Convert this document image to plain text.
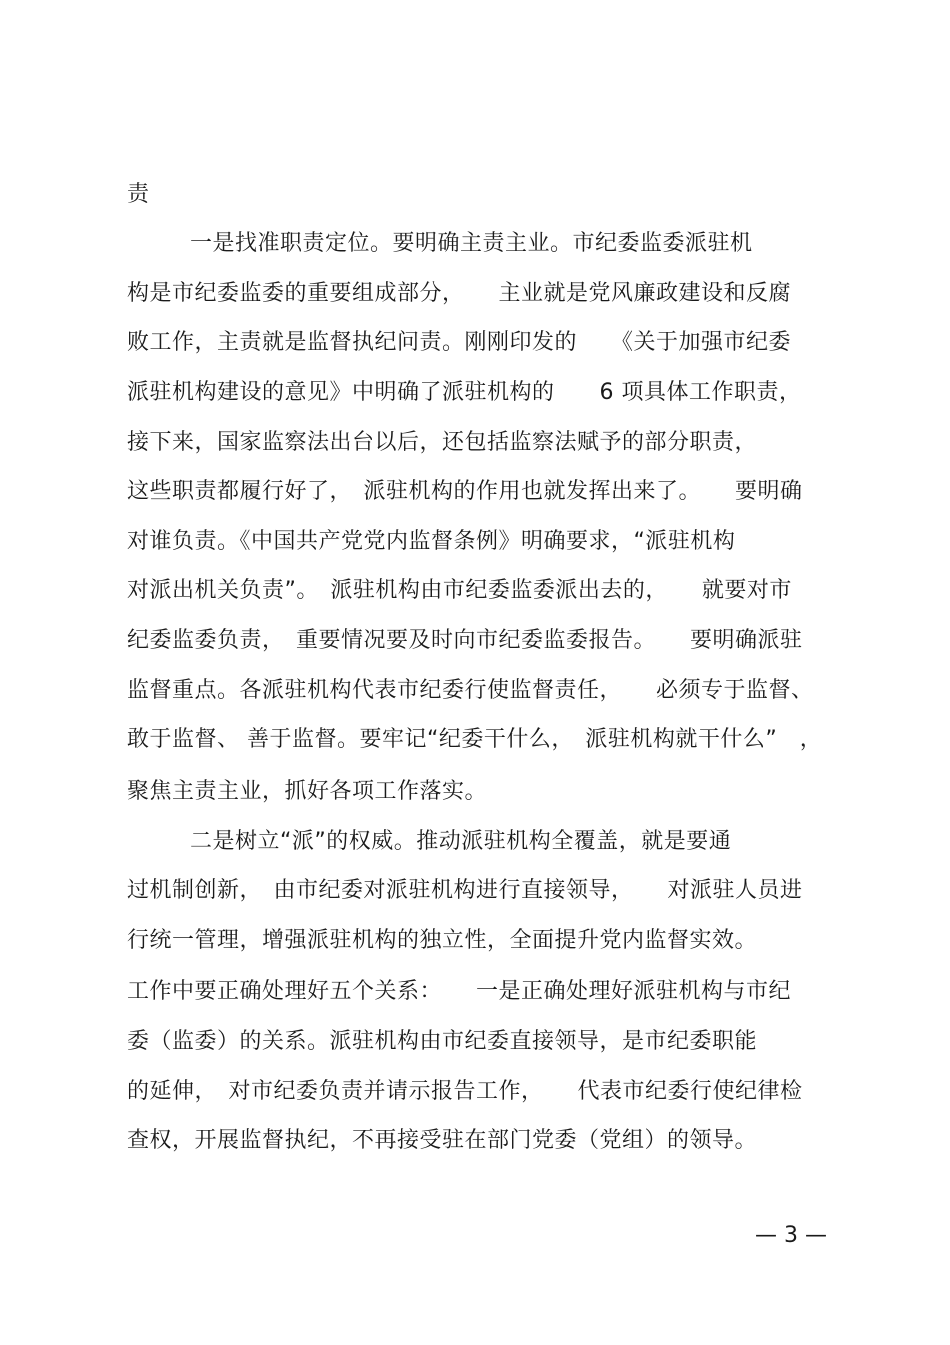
责
一是找准职责定位。要明确主责主业。市纪委监委派驻机
构是市纪委监委的重要组成部分，　　主业就是党风廉政建设和反腐
败工作，主责就是监督执纪问责。刚刚印发的　　《关于加强市纪委
派驻机构建设的意见》中明确了派驻机构的　　6 项具体工作职责，
接下来，国家监察法出台以后，还包括监察法赋予的部分职责，
这些职责都履行好了，　派驻机构的作用也就发挥出来了。　　要明确
对谁负责。《中国共产党党内监督条例》明确要求，“派驻机构
对派出机关负责”。　派驻机构由市纪委监委派出去的，　　就要对市
纪委监委负责，　重要情况要及时向市纪委监委报告。　　要明确派驻
监督重点。各派驻机构代表市纪委行使监督责任，　　必须专于监督、
敢于监督、 善于监督。要牢记“纪委干什么，　派驻机构就干什么”　，
聚焦主责主业，抓好各项工作落实。
二是树立“派”的权威。推动派驻机构全覆盖，就是要通
过机制创新，　由市纪委对派驻机构进行直接领导，　　对派驻人员进
行统一管理，增强派驻机构的独立性，全面提升党内监督实效。
工作中要正确处理好五个关系：　　一是正确处理好派驻机构与市纪
委（监委）的关系。派驻机构由市纪委直接领导，是市纪委职能
的延伸，　对市纪委负责并请示报告工作，　　代表市纪委行使纪律检
查权，开展监督执纪，不再接受驻在部门党委（党组）的领导。
— 3 —
